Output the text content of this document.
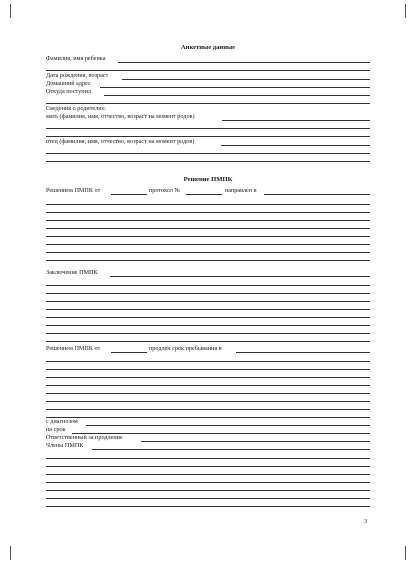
Анкетные данные
Фамилия, имя ребенка
Дата рождения, возраст
Домашний адрес
Откуда поступил
Сведения о родителях:
мать (фамилия, имя, отчество, возраст на момент родов)
отец (фамилия, имя, отчество, возраст на момент родов)
Решение ПМПК
Решением ПМПК от	протокол №	направлен в
Заключение ПМПК
Решением ПМПК от	продлен срок пребывания в
с диагнозом
на срок
Ответственный за продление
Члены ПМПК
3
